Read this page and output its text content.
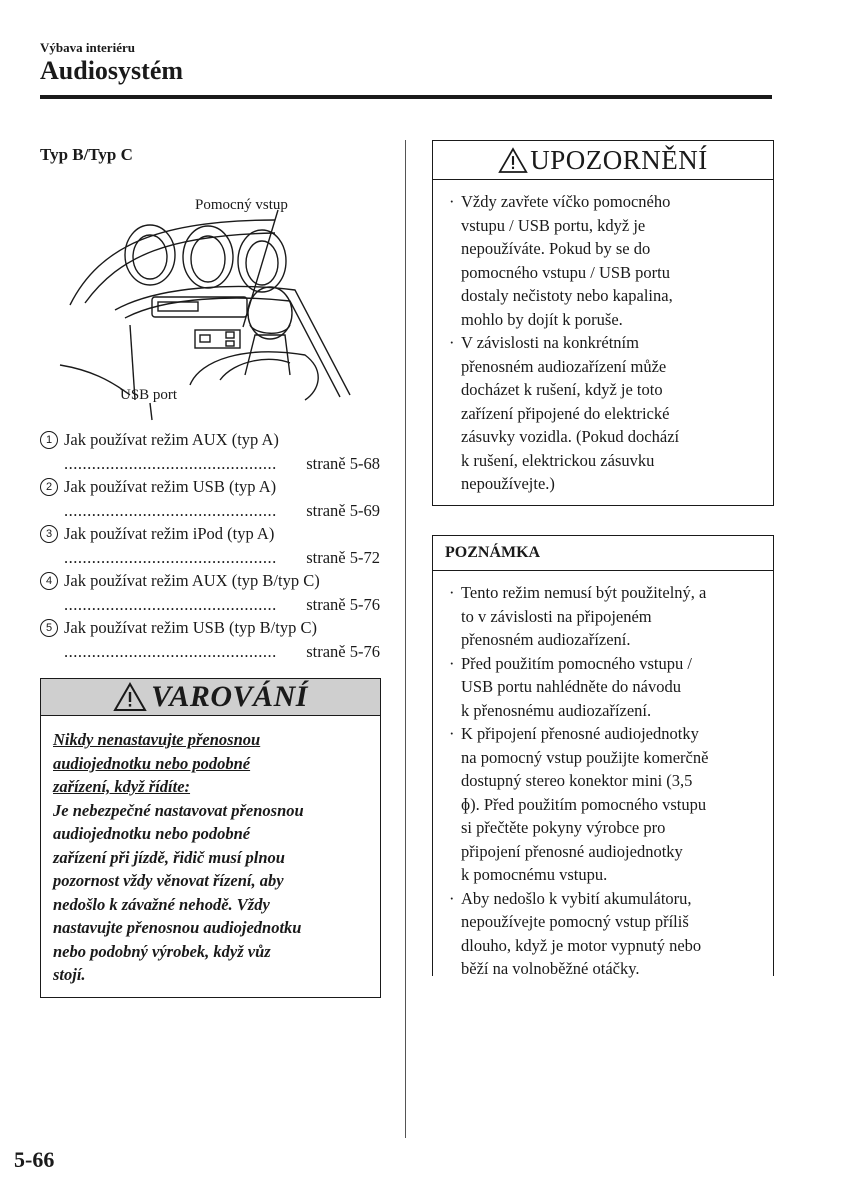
Výbava interiéru
Audiosystém
Typ B/Typ C
Pomocný vstup
USB port
1 Jak používat režim AUX (typ A)
..............................................	straně 5-68
2 Jak používat režim USB (typ A)
..............................................	straně 5-69
3 Jak používat režim iPod (typ A)
..............................................	straně 5-72
4 Jak používat režim AUX (typ B/typ C)
..............................................	straně 5-76
5 Jak používat režim USB (typ B/typ C)
..............................................	straně 5-76
VAROVÁNÍ
Nikdy nenastavujte přenosnou
audiojednotku nebo podobné
zařízení, když řídíte:
Je nebezpečné nastavovat přenosnou
audiojednotku nebo podobné
zařízení při jízdě, řidič musí plnou
pozornost vždy věnovat řízení, aby
nedošlo k závažné nehodě. Vždy
nastavujte přenosnou audiojednotku
nebo podobný výrobek, když vůz
stojí.
UPOZORNĚNÍ
· Vždy zavřete víčko pomocného
vstupu / USB portu, když je
nepoužíváte. Pokud by se do
pomocného vstupu / USB portu
dostaly nečistoty nebo kapalina,
mohlo by dojít k poruše.
· V závislosti na konkrétním
přenosném audiozařízení může
docházet k rušení, když je toto
zařízení připojené do elektrické
zásuvky vozidla. (Pokud dochází
k rušení, elektrickou zásuvku
nepoužívejte.)
POZNÁMKA
· Tento režim nemusí být použitelný, a
to v závislosti na připojeném
přenosném audiozařízení.
· Před použitím pomocného vstupu /
USB portu nahlédněte do návodu
k přenosnému audiozařízení.
· K připojení přenosné audiojednotky
na pomocný vstup použijte komerčně
dostupný stereo konektor mini (3,5
ɸ). Před použitím pomocného vstupu
si přečtěte pokyny výrobce pro
připojení přenosné audiojednotky
k pomocnému vstupu.
· Aby nedošlo k vybití akumulátoru,
nepoužívejte pomocný vstup příliš
dlouho, když je motor vypnutý nebo
běží na volnoběžné otáčky.
5-66
